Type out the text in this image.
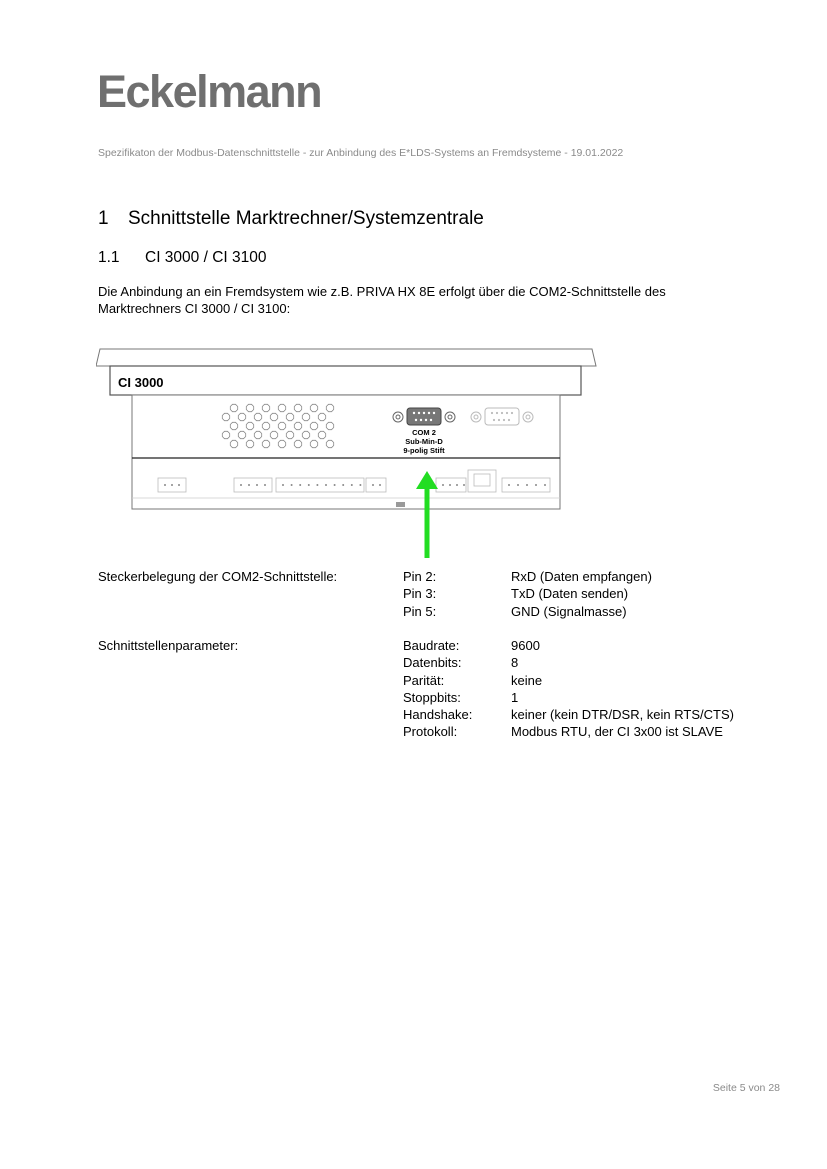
Eckelmann
Spezifikaton der Modbus-Datenschnittstelle - zur Anbindung des E*LDS-Systems an Fremdsysteme - 19.01.2022
1 Schnittstelle Marktrechner/Systemzentrale
1.1 CI 3000 / CI 3100
Die Anbindung an ein Fremdsystem wie z.B. PRIVA HX 8E erfolgt über die COM2-Schnittstelle des Marktrechners CI 3000 / CI 3100:
CI 3000
COM 2
Sub-Min-D
9-polig Stift
Steckerbelegung der COM2-Schnittstelle:	Pin 2:	RxD (Daten empfangen)
Pin 3:	TxD (Daten senden)
Pin 5:	GND (Signalmasse)
Schnittstellenparameter:	Baudrate:	9600
Datenbits:	8
Parität:	keine
Stoppbits:	1
Handshake:	keiner (kein DTR/DSR, kein RTS/CTS)
Protokoll:	Modbus RTU, der CI 3x00 ist SLAVE
Seite 5 von 28
